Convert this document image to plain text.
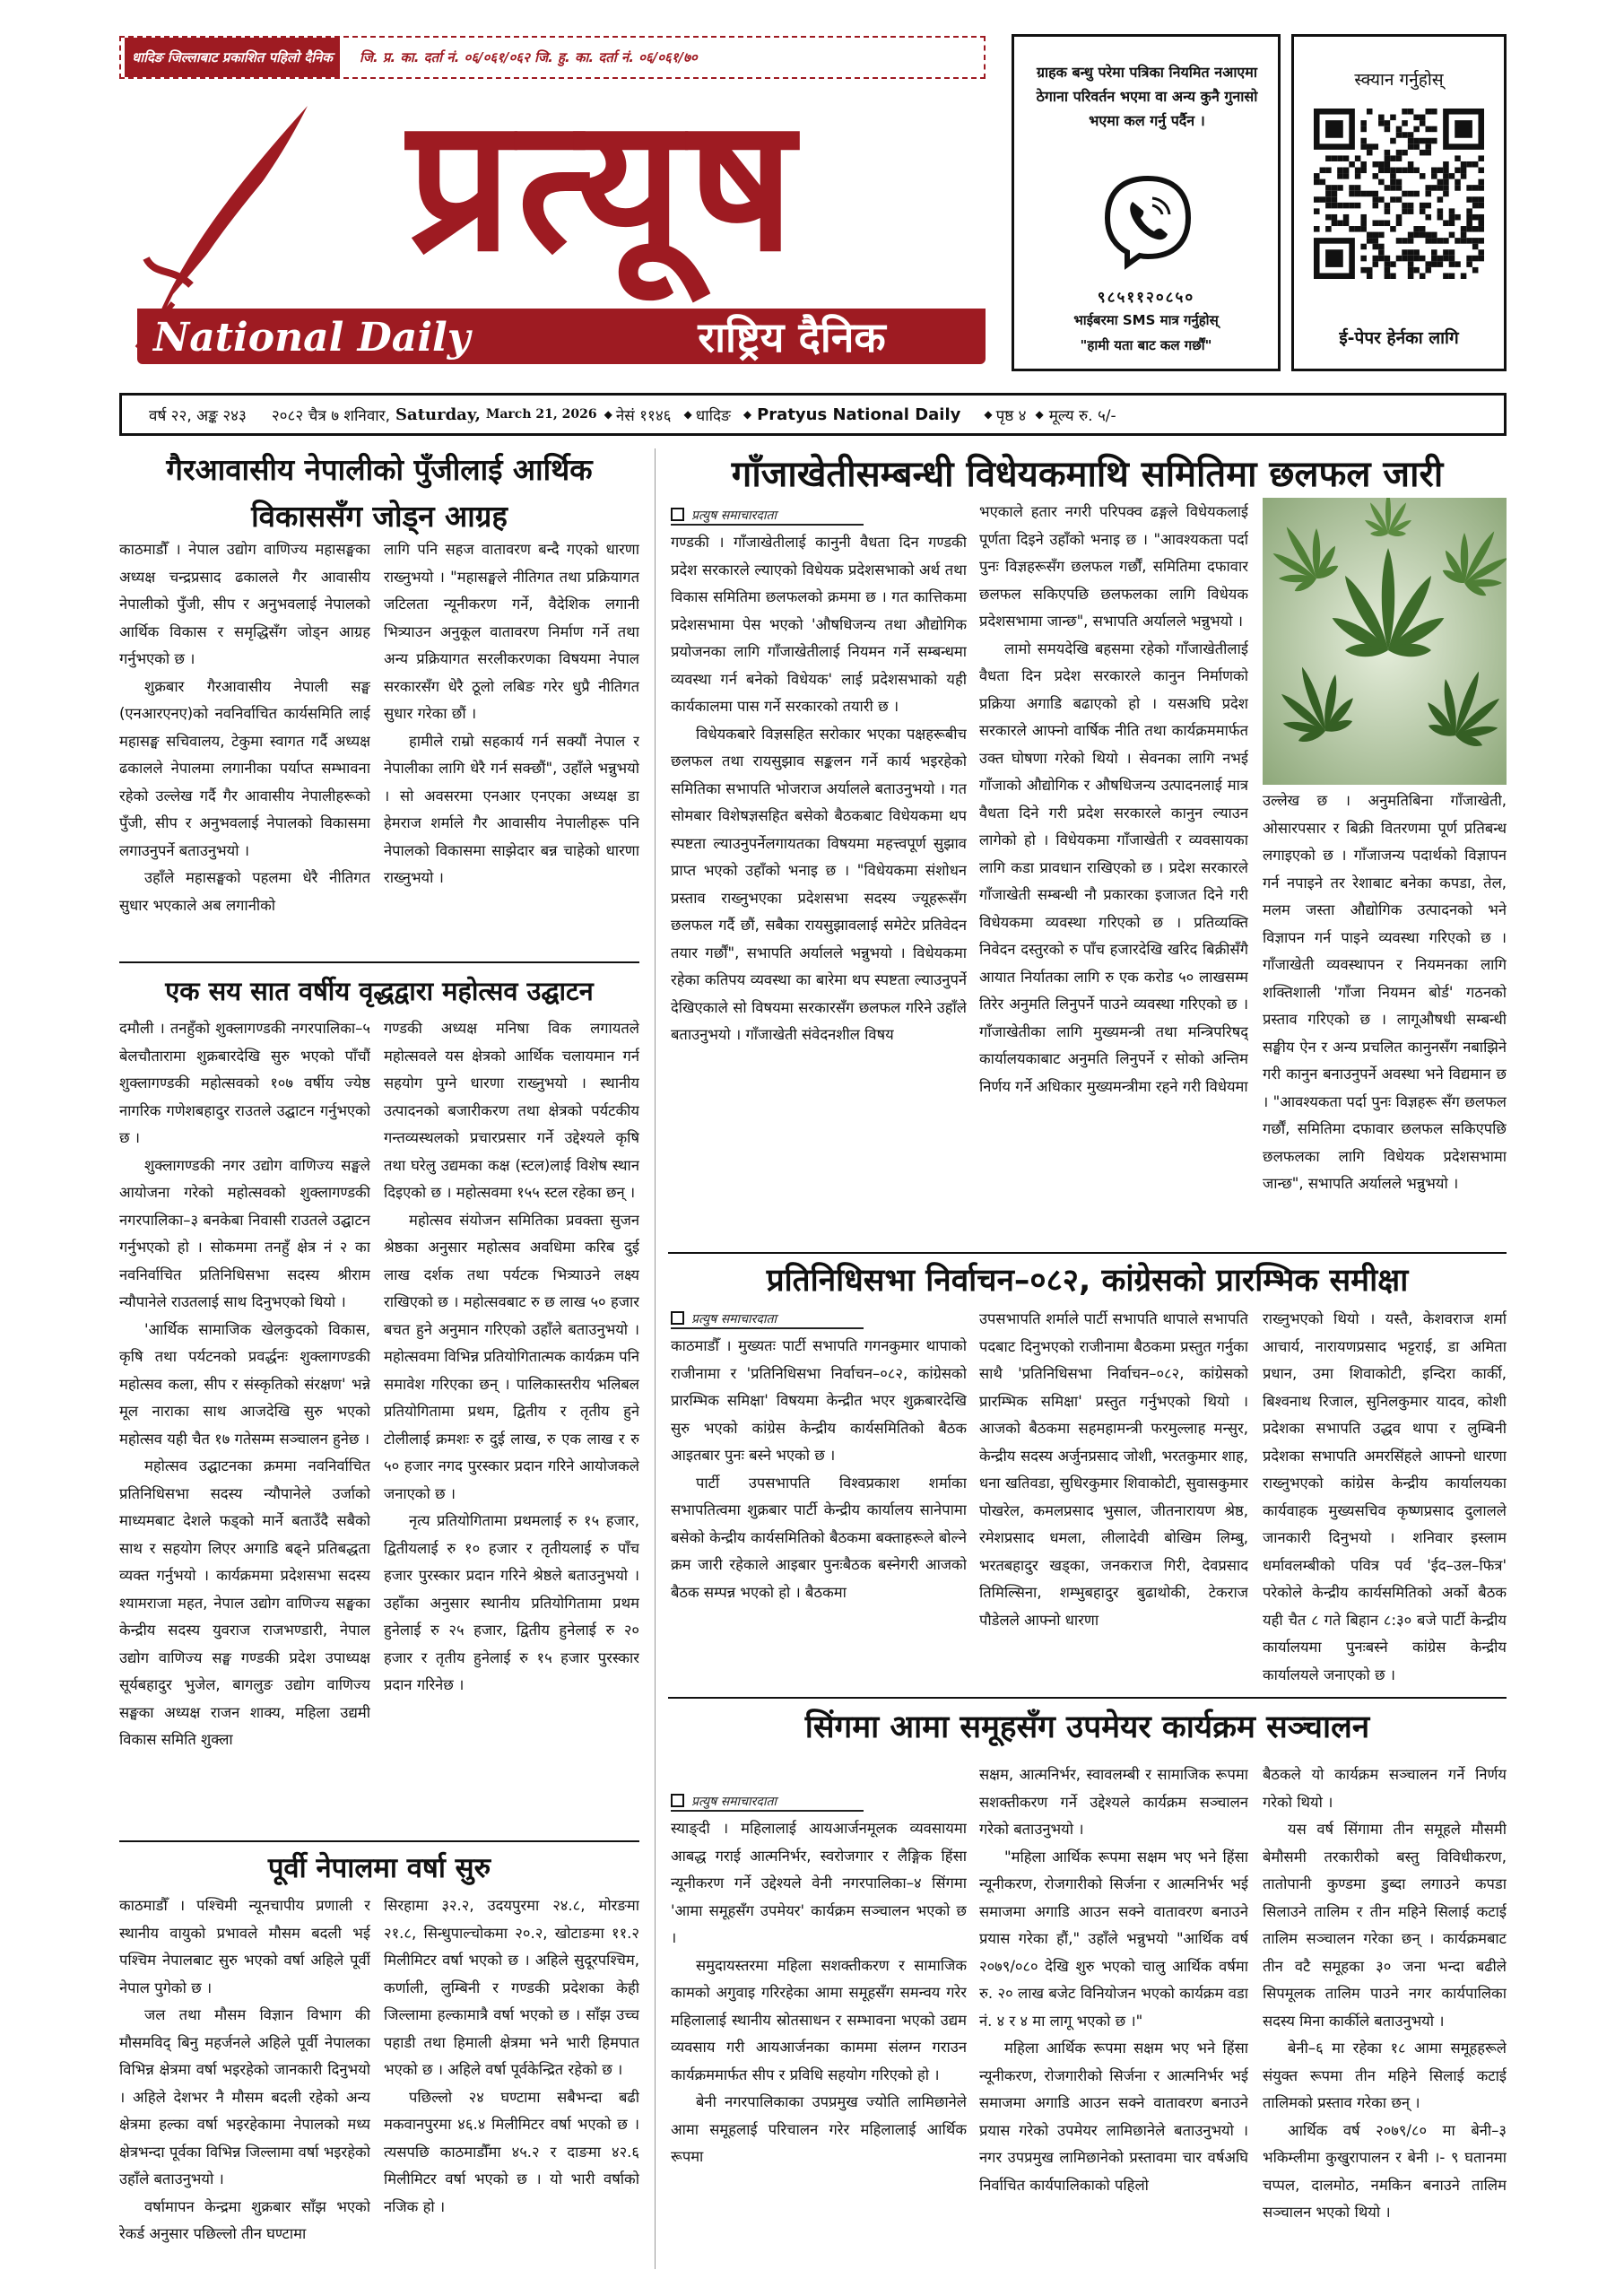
धादिङ जिल्लाबाट प्रकाशित पहिलो दैनिक	जि. प्र. का. दर्ता नं. ०६/०६१/०६२ जि. हु. का. दर्ता नं. ०६/०६१/७०
प्रत्यूष
National Daily	राष्ट्रिय दैनिक
ग्राहक बन्धु परेमा पत्रिका नियमित नआएमा ठेगाना परिवर्तन भएमा वा अन्य कुनै गुनासो भएमा कल गर्नु पर्दैन ।
९८५११२०८५०
भाईबरमा SMS मात्र गर्नुहोस्
"हामी यता बाट कल गर्छौं"
स्क्यान गर्नुहोस्
ई-पेपर हेर्नका लागि
वर्ष २२, अङ्क २४३ २०८२ चैत्र ७ शनिवार, Saturday, March 21, 2026 ◆ नेसं ११४६ ◆ धादिङ ◆ Pratyus National Daily ◆ पृष्ठ ४ ◆ मूल्य रु. ५/-
गैरआवासीय नेपालीको पुँजीलाई आर्थिक
विकाससँग जोड्न आग्रह

काठमाडौँ । नेपाल उद्योग वाणिज्य महासङ्घका अध्यक्ष चन्द्रप्रसाद ढकालले गैर आवासीय नेपालीको पुँजी, सीप र अनुभवलाई नेपालको आर्थिक विकास र समृद्धिसँग जोड्न आग्रह गर्नुभएको छ ।

शुक्रबार गैरआवासीय नेपाली सङ्घ (एनआरएनए)को नवनिर्वाचित कार्यसमिति लाई महासङ्घ सचिवालय, टेकुमा स्वागत गर्दै अध्यक्ष ढकालले नेपालमा लगानीका पर्याप्त सम्भावना रहेको उल्लेख गर्दै गैर आवासीय नेपालीहरूको पुँजी, सीप र अनुभवलाई नेपालको विकासमा लगाउनुपर्ने बताउनुभयो ।

उहाँले महासङ्घको पहलमा धेरै नीतिगत सुधार भएकाले अब लगानीको

लागि पनि सहज वातावरण बन्दै गएको धारणा राख्नुभयो । "महासङ्घले नीतिगत तथा प्रक्रियागत जटिलता न्यूनीकरण गर्ने, वैदेशिक लगानी भित्र्याउन अनुकूल वातावरण निर्माण गर्ने तथा अन्य प्रक्रियागत सरलीकरणका विषयमा नेपाल सरकारसँग धेरै ठूलो लबिङ गरेर धुप्रै नीतिगत सुधार गरेका छौं ।

हामीले राम्रो सहकार्य गर्न सक्यौं नेपाल र नेपालीका लागि धेरै गर्न सक्छौं", उहाँले भन्नुभयो । सो अवसरमा एनआर एनएका अध्यक्ष डा हेमराज शर्माले गैर आवासीय नेपालीहरू पनि नेपालको विकासमा साझेदार बन्न चाहेको धारणा राख्नुभयो ।

एक सय सात वर्षीय वृद्धद्वारा महोत्सव उद्घाटन

दमौली । तनहुँको शुक्लागण्डकी नगरपालिका–५ बेलचौतारामा शुक्रबारदेखि सुरु भएको पाँचौं शुक्लागण्डकी महोत्सवको १०७ वर्षीय ज्येष्ठ नागरिक गणेशबहादुर राउतले उद्घाटन गर्नुभएको छ ।

शुक्लागण्डकी नगर उद्योग वाणिज्य सङ्घले आयोजना गरेको महोत्सवको शुक्लागण्डकी नगरपालिका–३ बनकेबा निवासी राउतले उद्घाटन गर्नुभएको हो । सोकममा तनहुँ क्षेत्र नं २ का नवनिर्वाचित प्रतिनिधिसभा सदस्य श्रीराम न्यौपानेले राउतलाई साथ दिनुभएको थियो ।

'आर्थिक सामाजिक खेलकुदको विकास, कृषि तथा पर्यटनको प्रवर्द्धनः शुक्लागण्डकी महोत्सव कला, सीप र संस्कृतिको संरक्षण' भन्ने मूल नाराका साथ आजदेखि सुरु भएको महोत्सव यही चैत १७ गतेसम्म सञ्चालन हुनेछ ।

महोत्सव उद्घाटनका क्रममा नवनिर्वाचित प्रतिनिधिसभा सदस्य न्यौपानेले उर्जाको माध्यमबाट देशले फड्को मार्ने बताउँदै सबैको साथ र सहयोग लिएर अगाडि बढ्ने प्रतिबद्धता व्यक्त गर्नुभयो । कार्यक्रममा प्रदेशसभा सदस्य श्यामराजा महत, नेपाल उद्योग वाणिज्य सङ्घका केन्द्रीय सदस्य युवराज राजभण्डारी, नेपाल उद्योग वाणिज्य सङ्घ गण्डकी प्रदेश उपाध्यक्ष सूर्यबहादुर भुजेल, बागलुङ उद्योग वाणिज्य सङ्घका अध्यक्ष राजन शाक्य, महिला उद्यमी विकास समिति शुक्ला

गण्डकी अध्यक्ष मनिषा विक लगायतले महोत्सवले यस क्षेत्रको आर्थिक चलायमान गर्न सहयोग पुग्ने धारणा राख्नुभयो । स्थानीय उत्पादनको बजारीकरण तथा क्षेत्रको पर्यटकीय गन्तव्यस्थलको प्रचारप्रसार गर्ने उद्देश्यले कृषि तथा घरेलु उद्यमका कक्ष (स्टल)लाई विशेष स्थान दिइएको छ । महोत्सवमा १५५ स्टल रहेका छन् ।

महोत्सव संयोजन समितिका प्रवक्ता सुजन श्रेष्ठका अनुसार महोत्सव अवधिमा करिब दुई लाख दर्शक तथा पर्यटक भित्र्याउने लक्ष्य राखिएको छ । महोत्सवबाट रु छ लाख ५० हजार बचत हुने अनुमान गरिएको उहाँले बताउनुभयो । महोत्सवमा विभिन्न प्रतियोगितात्मक कार्यक्रम पनि समावेश गरिएका छन् । पालिकास्तरीय भलिबल प्रतियोगितामा प्रथम, द्वितीय र तृतीय हुने टोलीलाई क्रमशः रु दुई लाख, रु एक लाख र रु ५० हजार नगद पुरस्कार प्रदान गरिने आयोजकले जनाएको छ ।

नृत्य प्रतियोगितामा प्रथमलाई रु १५ हजार, द्वितीयलाई रु १० हजार र तृतीयलाई रु पाँच हजार पुरस्कार प्रदान गरिने श्रेष्ठले बताउनुभयो । उहाँका अनुसार स्थानीय प्रतियोगितामा प्रथम हुनेलाई रु २५ हजार, द्वितीय हुनेलाई रु २० हजार र तृतीय हुनेलाई रु १५ हजार पुरस्कार प्रदान गरिनेछ ।

पूर्वी नेपालमा वर्षा सुरु

काठमाडौँ । पश्चिमी न्यूनचापीय प्रणाली र स्थानीय वायुको प्रभावले मौसम बदली भई पश्चिम नेपालबाट सुरु भएको वर्षा अहिले पूर्वी नेपाल पुगेको छ ।

जल तथा मौसम विज्ञान विभाग की मौसमविद् बिनु महर्जनले अहिले पूर्वी नेपालका विभिन्न क्षेत्रमा वर्षा भइरहेको जानकारी दिनुभयो । अहिले देशभर नै मौसम बदली रहेको अन्य क्षेत्रमा हल्का वर्षा भइरहेकामा नेपालको मध्य क्षेत्रभन्दा पूर्वका विभिन्न जिल्लामा वर्षा भइरहेको उहाँले बताउनुभयो ।

वर्षामापन केन्द्रमा शुक्रबार साँझ भएको रेकर्ड अनुसार पछिल्लो तीन घण्टामा

सिरहामा ३२.२, उदयपुरमा २४.८, मोरङमा २१.८, सिन्धुपाल्चोकमा २०.२, खोटाङमा ११.२ मिलीमिटर वर्षा भएको छ । अहिले सुदूरपश्चिम, कर्णाली, लुम्बिनी र गण्डकी प्रदेशका केही जिल्लामा हल्कामात्रै वर्षा भएको छ । साँझ उच्च पहाडी तथा हिमाली क्षेत्रमा भने भारी हिमपात भएको छ । अहिले वर्षा पूर्वकेन्द्रित रहेको छ ।

पछिल्लो २४ घण्टामा सबैभन्दा बढी मकवानपुरमा ४६.४ मिलीमिटर वर्षा भएको छ । त्यसपछि काठमाडौँमा ४५.२ र दाङमा ४२.६ मिलीमिटर वर्षा भएको छ । यो भारी वर्षाको नजिक हो ।

गाँजाखेतीसम्बन्धी विधेयकमाथि समितिमा छलफल जारी
प्रत्युष समाचारदाता

गण्डकी । गाँजाखेतीलाई कानुनी वैधता दिन गण्डकी प्रदेश सरकारले ल्याएको विधेयक प्रदेशसभाको अर्थ तथा विकास समितिमा छलफलको क्रममा छ । गत कात्तिकमा प्रदेशसभामा पेस भएको 'औषधिजन्य तथा औद्योगिक प्रयोजनका लागि गाँजाखेतीलाई नियमन गर्ने सम्बन्धमा व्यवस्था गर्न बनेको विधेयक' लाई प्रदेशसभाको यही कार्यकालमा पास गर्ने सरकारको तयारी छ ।

विधेयकबारे विज्ञसहित सरोकार भएका पक्षहरूबीच छलफल तथा रायसुझाव सङ्कलन गर्ने कार्य भइरहेको समितिका सभापति भोजराज अर्यालले बताउनुभयो । गत सोमबार विशेषज्ञसहित बसेको बैठकबाट विधेयकमा थप स्पष्टता ल्याउनुपर्नेलगायतका विषयमा महत्त्वपूर्ण सुझाव प्राप्त भएको उहाँको भनाइ छ । "विधेयकमा संशोधन प्रस्ताव राख्नुभएका प्रदेशसभा सदस्य ज्यूहरूसँग छलफल गर्दै छौं, सबैका रायसुझावलाई समेटेर प्रतिवेदन तयार गर्छौं", सभापति अर्यालले भन्नुभयो । विधेयकमा रहेका कतिपय व्यवस्था का बारेमा थप स्पष्टता ल्याउनुपर्ने देखिएकाले सो विषयमा सरकारसँग छलफल गरिने उहाँले बताउनुभयो । गाँजाखेती संवेदनशील विषय

भएकाले हतार नगरी परिपक्व ढङ्गले विधेयकलाई पूर्णता दिइने उहाँको भनाइ छ । "आवश्यकता पर्दा पुनः विज्ञहरूसँग छलफल गर्छौं, समितिमा दफावार छलफल सकिएपछि छलफलका लागि विधेयक प्रदेशसभामा जान्छ", सभापति अर्यालले भन्नुभयो ।

लामो समयदेखि बहसमा रहेको गाँजाखेतीलाई वैधता दिन प्रदेश सरकारले कानुन निर्माणको प्रक्रिया अगाडि बढाएको हो । यसअघि प्रदेश सरकारले आफ्नो वार्षिक नीति तथा कार्यक्रममार्फत उक्त घोषणा गरेको थियो । सेवनका लागि नभई गाँजाको औद्योगिक र औषधिजन्य उत्पादनलाई मात्र वैधता दिने गरी प्रदेश सरकारले कानुन ल्याउन लागेको हो । विधेयकमा गाँजाखेती र व्यवसायका लागि कडा प्रावधान राखिएको छ । प्रदेश सरकारले गाँजाखेती सम्बन्धी नौ प्रकारका इजाजत दिने गरी विधेयकमा व्यवस्था गरिएको छ । प्रतिव्यक्ति निवेदन दस्तुरको रु पाँच हजारदेखि खरिद बिक्रीसँगै आयात निर्यातका लागि रु एक करोड ५० लाखसम्म तिरेर अनुमति लिनुपर्ने पाउने व्यवस्था गरिएको छ । गाँजाखेतीका लागि मुख्यमन्त्री तथा मन्त्रिपरिषद् कार्यालयकाबाट अनुमति लिनुपर्ने र सोको अन्तिम निर्णय गर्ने अधिकार मुख्यमन्त्रीमा रहने गरी विधेयमा

उल्लेख छ । अनुमतिबिना गाँजाखेती, ओसारपसार र बिक्री वितरणमा पूर्ण प्रतिबन्ध लगाइएको छ । गाँजाजन्य पदार्थको विज्ञापन गर्न नपाइने तर रेशाबाट बनेका कपडा, तेल, मलम जस्ता औद्योगिक उत्पादनको भने विज्ञापन गर्न पाइने व्यवस्था गरिएको छ । गाँजाखेती व्यवस्थापन र नियमनका लागि शक्तिशाली 'गाँजा नियमन बोर्ड' गठनको प्रस्ताव गरिएको छ । लागूऔषधी सम्बन्धी सङ्घीय ऐन र अन्य प्रचलित कानुनसँग नबाझिने गरी कानुन बनाउनुपर्ने अवस्था भने विद्यमान छ । "आवश्यकता पर्दा पुनः विज्ञहरू सँग छलफल गर्छौं, समितिमा दफावार छलफल सकिएपछि छलफलका लागि विधेयक प्रदेशसभामा जान्छ", सभापति अर्यालले भन्नुभयो ।

प्रतिनिधिसभा निर्वाचन–०८२, कांग्रेसको प्रारम्भिक समीक्षा
प्रत्युष समाचारदाता

काठमाडौँ । मुख्यतः पार्टी सभापति गगनकुमार थापाको राजीनामा र 'प्रतिनिधिसभा निर्वाचन–०८२, कांग्रेसको प्रारम्भिक समिक्षा' विषयमा केन्द्रीत भएर शुक्रबारदेखि सुरु भएको कांग्रेस केन्द्रीय कार्यसमितिको बैठक आइतबार पुनः बस्ने भएको छ ।

पार्टी उपसभापति विश्वप्रकाश शर्माका सभापतित्वमा शुक्रबार पार्टी केन्द्रीय कार्यालय सानेपामा बसेको केन्द्रीय कार्यसमितिको बैठकमा बक्ताहरूले बोल्ने क्रम जारी रहेकाले आइबार पुनःबैठक बस्नेगरी आजको बैठक सम्पन्न भएको हो । बैठकमा

उपसभापति शर्माले पार्टी सभापति थापाले सभापति पदबाट दिनुभएको राजीनामा बैठकमा प्रस्तुत गर्नुका साथै 'प्रतिनिधिसभा निर्वाचन–०८२, कांग्रेसको प्रारम्भिक समिक्षा' प्रस्तुत गर्नुभएको थियो । आजको बैठकमा सहमहामन्त्री फरमुल्लाह मन्सुर, केन्द्रीय सदस्य अर्जुनप्रसाद जोशी, भरतकुमार शाह, धना खतिवडा, सुधिरकुमार शिवाकोटी, सुवासकुमार पोखरेल, कमलप्रसाद भुसाल, जीतनारायण श्रेष्ठ, रमेशप्रसाद धमला, लीलादेवी बोखिम लिम्बु, भरतबहादुर खड्का, जनकराज गिरी, देवप्रसाद तिमिल्सिना, शम्भुबहादुर बुढाथोकी, टेकराज पौडेलले आफ्नो धारणा

राख्नुभएको थियो । यस्तै, केशवराज शर्मा आचार्य, नारायणप्रसाद भट्टराई, डा अमिता प्रधान, उमा शिवाकोटी, इन्दिरा कार्की, बिश्वनाथ रिजाल, सुनिलकुमार यादव, कोशी प्रदेशका सभापति उद्धव थापा र लुम्बिनी प्रदेशका सभापति अमरसिंहले आफ्नो धारणा राख्नुभएको कांग्रेस केन्द्रीय कार्यालयका कार्यवाहक मुख्यसचिव कृष्णप्रसाद दुलालले जानकारी दिनुभयो । शनिवार इस्लाम धर्मावलम्बीको पवित्र पर्व 'ईद–उल–फित्र' परेकोले केन्द्रीय कार्यसमितिको अर्को बैठक यही चैत ८ गते बिहान ८:३० बजे पार्टी केन्द्रीय कार्यालयमा पुनःबस्ने कांग्रेस केन्द्रीय कार्यालयले जनाएको छ ।

सिंगमा आमा समूहसँग उपमेयर कार्यक्रम सञ्चालन
प्रत्युष समाचारदाता

स्याङ्दी । महिलालाई आयआर्जनमूलक व्यवसायमा आबद्ध गराई आत्मनिर्भर, स्वरोजगार र लैङ्गिक हिंसा न्यूनीकरण गर्ने उद्देश्यले वेनी नगरपालिका–४ सिंगमा 'आमा समूहसँग उपमेयर' कार्यक्रम सञ्चालन भएको छ ।

समुदायस्तरमा महिला सशक्तीकरण र सामाजिक कामको अगुवाइ गरिरहेका आमा समूहसँग समन्वय गरेर महिलालाई स्थानीय स्रोतसाधन र सम्भावना भएको उद्यम व्यवसाय गरी आयआर्जनका काममा संलग्न गराउन कार्यक्रममार्फत सीप र प्रविधि सहयोग गरिएको हो ।

बेनी नगरपालिकाका उपप्रमुख ज्योति लामिछानेले आमा समूहलाई परिचालन गरेर महिलालाई आर्थिक रूपमा

सक्षम, आत्मनिर्भर, स्वावलम्बी र सामाजिक रूपमा सशक्तीकरण गर्ने उद्देश्यले कार्यक्रम सञ्चालन गरेको बताउनुभयो ।

"महिला आर्थिक रूपमा सक्षम भए भने हिंसा न्यूनीकरण, रोजगारीको सिर्जना र आत्मनिर्भर भई समाजमा अगाडि आउन सक्ने वातावरण बनाउने प्रयास गरेका हौं," उहाँले भन्नुभयो "आर्थिक वर्ष २०७९/०८० देखि शुरु भएको चालु आर्थिक वर्षमा रु. २० लाख बजेट विनियोजन भएको कार्यक्रम वडा नं. ४ र ४ मा लागू भएको छ ।"

महिला आर्थिक रूपमा सक्षम भए भने हिंसा न्यूनीकरण, रोजगारीको सिर्जना र आत्मनिर्भर भई समाजमा अगाडि आउन सक्ने वातावरण बनाउने प्रयास गरेको उपमेयर लामिछानेले बताउनुभयो । नगर उपप्रमुख लामिछानेको प्रस्तावमा चार वर्षअघि निर्वाचित कार्यपालिकाको पहिलो

बैठकले यो कार्यक्रम सञ्चालन गर्ने निर्णय गरेको थियो ।

यस वर्ष सिंगामा तीन समूहले मौसमी बेमौसमी तरकारीको बस्तु विविधीकरण, तातोपानी कुण्डमा डुब्दा लगाउने कपडा सिलाउने तालिम र तीन महिने सिलाई कटाई तालिम सञ्चालन गरेका छन् । कार्यक्रमबाट तीन वटै समूहका ३० जना भन्दा बढीले सिपमूलक तालिम पाउने नगर कार्यपालिका सदस्य मिना कार्कीले बताउनुभयो ।

बेनी–६ मा रहेका १८ आमा समूहहरूले संयुक्त रूपमा तीन महिने सिलाई कटाई तालिमको प्रस्ताव गरेका छन् ।

आर्थिक वर्ष २०७९/८० मा बेनी–३ भकिम्लीमा कुखुरापालन र बेनी ।- ९ घतानमा चप्पल, दालमोठ, नमकिन बनाउने तालिम सञ्चालन भएको थियो ।
